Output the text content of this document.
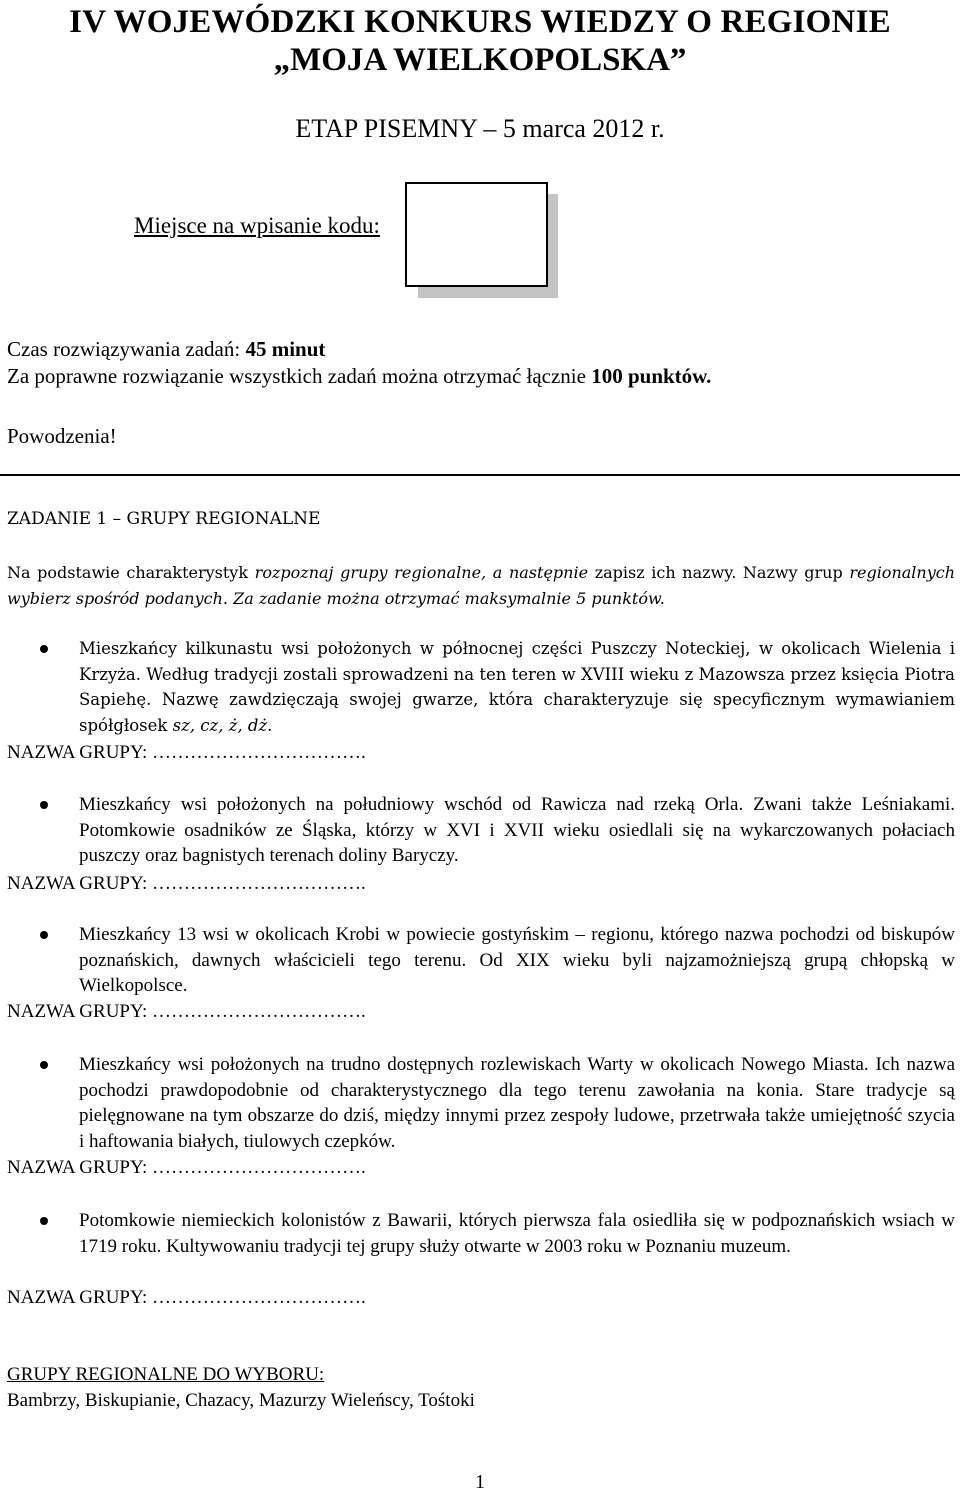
IV WOJEWÓDZKI KONKURS WIEDZY O REGIONIE
„MOJA WIELKOPOLSKA”
ETAP PISEMNY – 5 marca 2012 r.
Miejsce na wpisanie kodu:
Czas rozwiązywania zadań: 45 minut
Za poprawne rozwiązanie wszystkich zadań można otrzymać łącznie 100 punktów.
Powodzenia!
ZADANIE 1 – GRUPY REGIONALNE
Na podstawie charakterystyk rozpoznaj grupy regionalne, a następnie zapisz ich nazwy. Nazwy grup regionalnych wybierz spośród podanych. Za zadanie można otrzymać maksymalnie 5 punktów.
Mieszkańcy kilkunastu wsi położonych w północnej części Puszczy Noteckiej, w okolicach Wielenia i Krzyża. Według tradycji zostali sprowadzeni na ten teren w XVIII wieku z Mazowsza przez księcia Piotra Sapiehę. Nazwę zawdzięczają swojej gwarze, która charakteryzuje się specyficznym wymawianiem spółgłosek sz, cz, ż, dż.
NAZWA GRUPY: …………………………….
Mieszkańcy wsi położonych na południowy wschód od Rawicza nad rzeką Orla. Zwani także Leśniakami. Potomkowie osadników ze Śląska, którzy w XVI i XVII wieku osiedlali się na wykarczowanych połaciach puszczy oraz bagnistych terenach doliny Baryczy.
NAZWA GRUPY: …………………………….
Mieszkańcy 13 wsi w okolicach Krobi w powiecie gostyńskim – regionu, którego nazwa pochodzi od biskupów poznańskich, dawnych właścicieli tego terenu. Od XIX wieku byli najzamożniejszą grupą chłopską w Wielkopolsce.
NAZWA GRUPY: …………………………….
Mieszkańcy wsi położonych na trudno dostępnych rozlewiskach Warty w okolicach Nowego Miasta. Ich nazwa pochodzi prawdopodobnie od charakterystycznego dla tego terenu zawołania na konia. Stare tradycje są pielęgnowane na tym obszarze do dziś, między innymi przez zespoły ludowe, przetrwała także umiejętność szycia i haftowania białych, tiulowych czepków.
NAZWA GRUPY: …………………………….
Potomkowie niemieckich kolonistów z Bawarii, których pierwsza fala osiedliła się w podpoznańskich wsiach w 1719 roku. Kultywowaniu tradycji tej grupy służy otwarte w 2003 roku w Poznaniu muzeum.
NAZWA GRUPY: …………………………….
GRUPY REGIONALNE DO WYBORU:
Bambrzy, Biskupianie, Chazacy, Mazurzy Wieleńscy, Tośtoki
1
